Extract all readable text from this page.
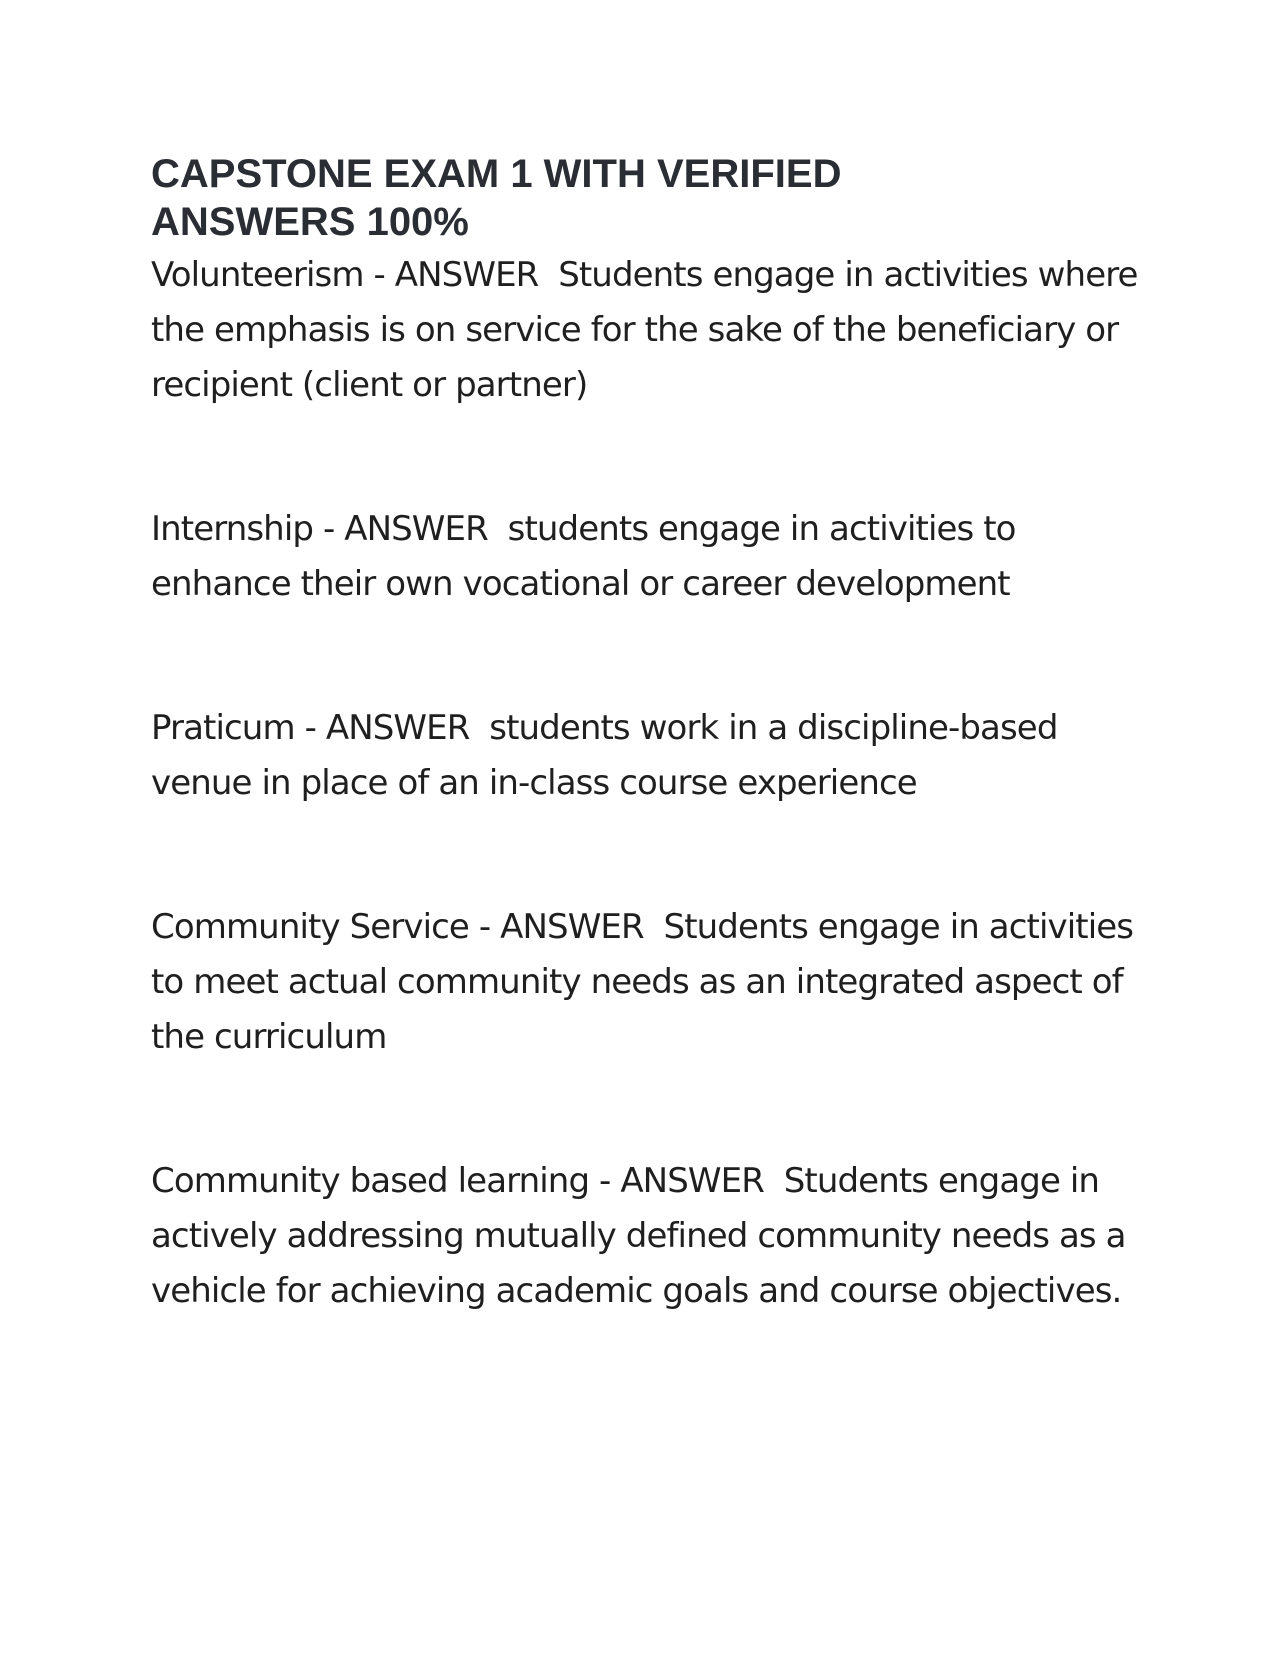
CAPSTONE EXAM 1 WITH VERIFIED ANSWERS 100%

Volunteerism - ANSWER  Students engage in activities where the emphasis is on service for the sake of the beneficiary or recipient (client or partner)

Internship - ANSWER  students engage in activities to enhance their own vocational or career development

Praticum - ANSWER  students work in a discipline-based venue in place of an in-class course experience

Community Service - ANSWER  Students engage in activities to meet actual community needs as an integrated aspect of the curriculum

Community based learning - ANSWER  Students engage in actively addressing mutually defined community needs as a vehicle for achieving academic goals and course objectives.
